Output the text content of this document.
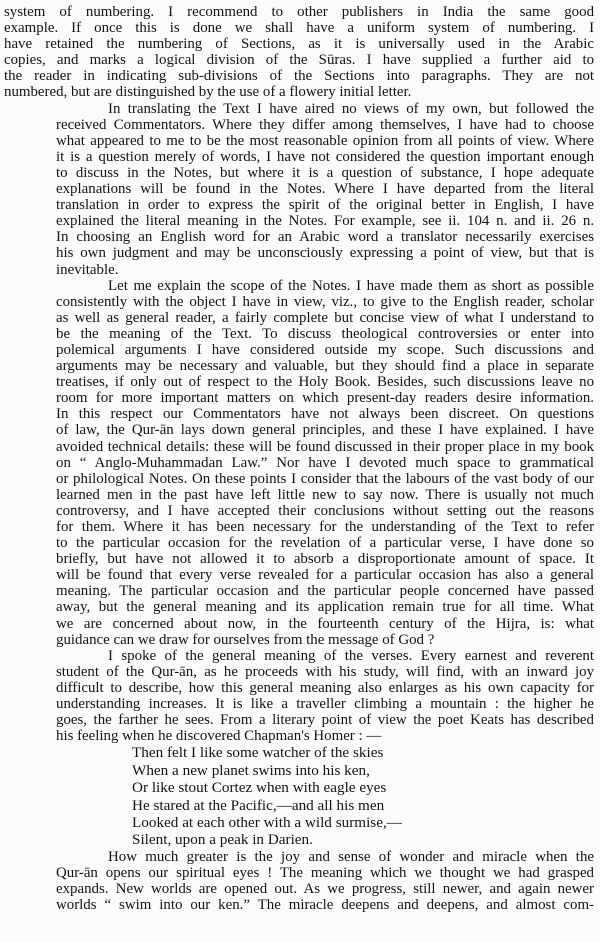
system of numbering. I recommend to other publishers in India the same good
example. If once this is done we shall have a uniform system of numbering. I
have retained the numbering of Sections, as it is universally used in the Arabic
copies, and marks a logical division of the Sūras. I have supplied a further aid to
the reader in indicating sub-divisions of the Sections into paragraphs. They are not
numbered, but are distinguished by the use of a flowery initial letter.

In translating the Text I have aired no views of my own, but followed the
received Commentators. Where they differ among themselves, I have had to choose
what appeared to me to be the most reasonable opinion from all points of view. Where
it is a question merely of words, I have not considered the question important enough
to discuss in the Notes, but where it is a question of substance, I hope adequate
explanations will be found in the Notes. Where I have departed from the literal
translation in order to express the spirit of the original better in English, I have
explained the literal meaning in the Notes. For example, see ii. 104 n. and ii. 26 n.
In choosing an English word for an Arabic word a translator necessarily exercises
his own judgment and may be unconsciously expressing a point of view, but that is
inevitable.

Let me explain the scope of the Notes. I have made them as short as possible
consistently with the object I have in view, viz., to give to the English reader, scholar
as well as general reader, a fairly complete but concise view of what I understand to
be the meaning of the Text. To discuss theological controversies or enter into
polemical arguments I have considered outside my scope. Such discussions and
arguments may be necessary and valuable, but they should find a place in separate
treatises, if only out of respect to the Holy Book. Besides, such discussions leave no
room for more important matters on which present-day readers desire information.
In this respect our Commentators have not always been discreet. On questions
of law, the Qur-ān lays down general principles, and these I have explained. I have
avoided technical details: these will be found discussed in their proper place in my book
on “ Anglo-Muhammadan Law.” Nor have I devoted much space to grammatical
or philological Notes. On these points I consider that the labours of the vast body of our
learned men in the past have left little new to say now. There is usually not much
controversy, and I have accepted their conclusions without setting out the reasons
for them. Where it has been necessary for the understanding of the Text to refer
to the particular occasion for the revelation of a particular verse, I have done so
briefly, but have not allowed it to absorb a disproportionate amount of space. It
will be found that every verse revealed for a particular occasion has also a general
meaning. The particular occasion and the particular people concerned have passed
away, but the general meaning and its application remain true for all time. What
we are concerned about now, in the fourteenth century of the Hijra, is: what
guidance can we draw for ourselves from the message of God ?

I spoke of the general meaning of the verses. Every earnest and reverent
student of the Qur-ān, as he proceeds with his study, will find, with an inward joy
difficult to describe, how this general meaning also enlarges as his own capacity for
understanding increases. It is like a traveller climbing a mountain : the higher he
goes, the farther he sees. From a literary point of view the poet Keats has described
his feeling when he discovered Chapman's Homer : —

Then felt I like some watcher of the skies
When a new planet swims into his ken,
Or like stout Cortez when with eagle eyes
He stared at the Pacific,—and all his men
Looked at each other with a wild surmise,—
Silent, upon a peak in Darien.

How much greater is the joy and sense of wonder and miracle when the
Qur-ān opens our spiritual eyes ! The meaning which we thought we had grasped
expands. New worlds are opened out. As we progress, still newer, and again newer
worlds “ swim into our ken.” The miracle deepens and deepens, and almost com-
